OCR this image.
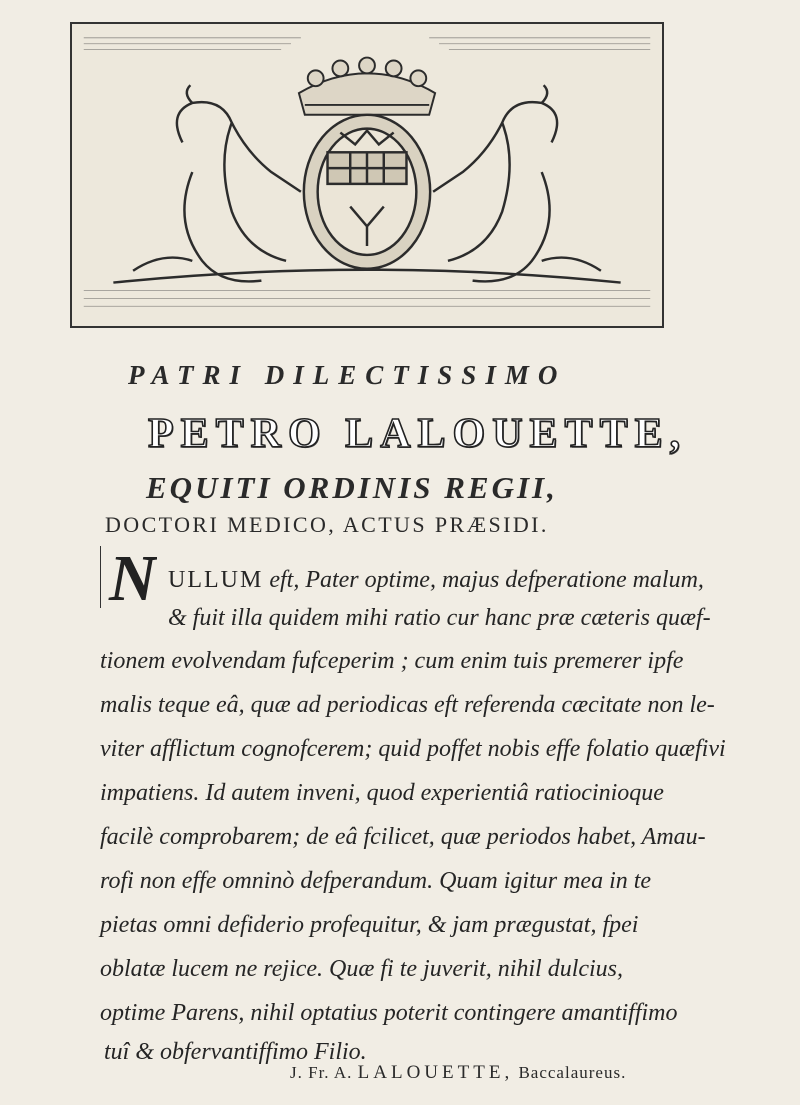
PATRI DILECTISSIMO
PETRO LALOUETTE,
EQUITI ORDINIS REGII,
DOCTORI MEDICO, ACTUS PRÆSIDI.
N ULLUM eft, Pater optime, majus defperatione malum,
& fuit illa quidem mihi ratio cur hanc præ cæteris quæf-
tionem evolvendam fufceperim ; cum enim tuis premerer ipfe
malis teque eâ, quæ ad periodicas eft referenda cæcitate non le-
viter afflictum cognofcerem; quid poffet nobis effe folatio quæfivi
impatiens. Id autem inveni, quod experientiâ ratiocinioque
facilè comprobarem; de eâ fcilicet, quæ periodos habet, Amau-
rofi non effe omninò defperandum. Quam igitur mea in te
pietas omni defiderio profequitur, & jam prægustat, fpei
oblatæ lucem ne rejice. Quæ fi te juverit, nihil dulcius,
optime Parens, nihil optatius poterit contingere amantiffimo
tuî & obfervantiffimo Filio.
J. Fr. A. LALOUETTE, Baccalaureus.
